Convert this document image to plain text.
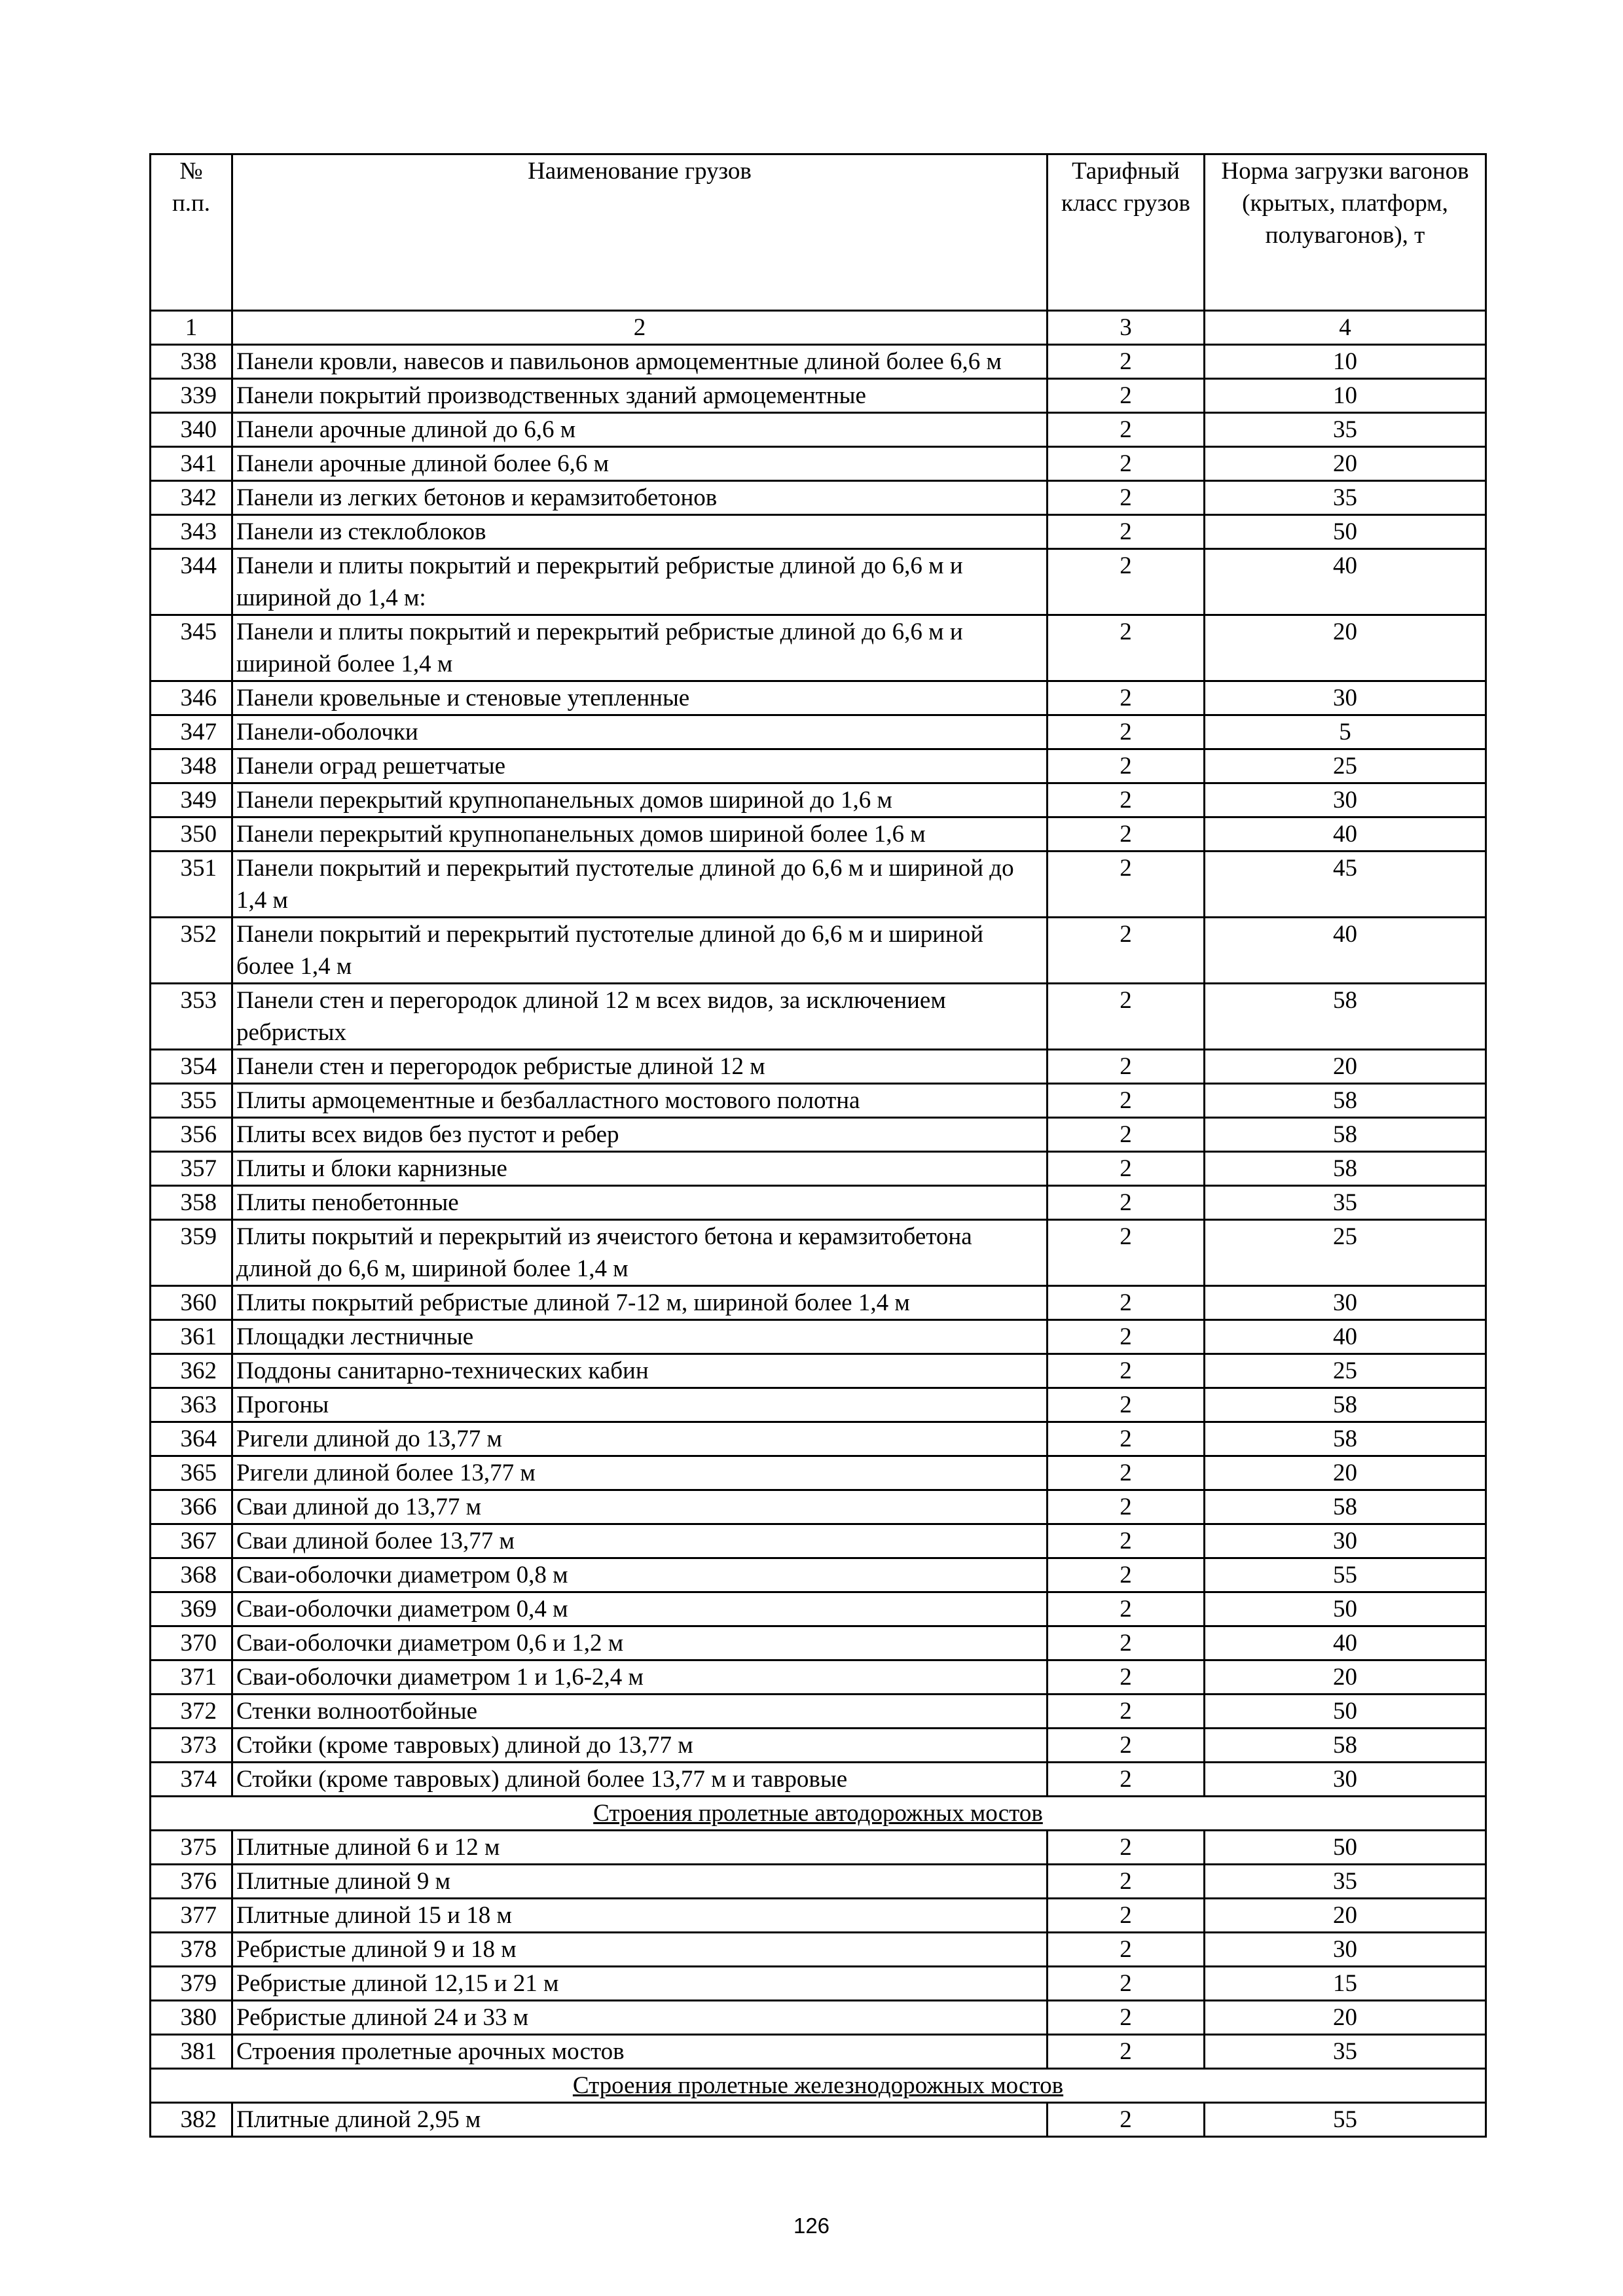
№
п.п.	Наименование грузов	Тарифный класс грузов	Норма загрузки вагонов (крытых, платформ, полувагонов), т
1	2	3	4
338	Панели кровли, навесов и павильонов армоцементные длиной более 6,6 м	2	10
339	Панели покрытий производственных зданий армоцементные	2	10
340	Панели арочные длиной до 6,6 м	2	35
341	Панели арочные длиной более 6,6 м	2	20
342	Панели из легких бетонов и керамзитобетонов	2	35
343	Панели из стеклоблоков	2	50
344	Панели и плиты покрытий и перекрытий ребристые длиной до 6,6 м и шириной до 1,4 м:	2	40
345	Панели и плиты покрытий и перекрытий ребристые длиной до 6,6 м и шириной более 1,4 м	2	20
346	Панели кровельные и стеновые утепленные	2	30
347	Панели-оболочки	2	5
348	Панели оград решетчатые	2	25
349	Панели перекрытий крупнопанельных домов шириной до 1,6 м	2	30
350	Панели перекрытий крупнопанельных домов шириной более 1,6 м	2	40
351	Панели покрытий и перекрытий пустотелые длиной до 6,6 м и шириной до 1,4 м	2	45
352	Панели покрытий и перекрытий пустотелые длиной до 6,6 м и шириной более 1,4 м	2	40
353	Панели стен и перегородок длиной 12 м всех видов, за исключением ребристых	2	58
354	Панели стен и перегородок ребристые длиной 12 м	2	20
355	Плиты армоцементные и безбалластного мостового полотна	2	58
356	Плиты всех видов без пустот и ребер	2	58
357	Плиты и блоки карнизные	2	58
358	Плиты пенобетонные	2	35
359	Плиты покрытий и перекрытий из ячеистого бетона и керамзитобетона длиной до 6,6 м, шириной более 1,4 м	2	25
360	Плиты покрытий ребристые длиной 7-12 м, шириной более 1,4 м	2	30
361	Площадки лестничные	2	40
362	Поддоны санитарно-технических кабин	2	25
363	Прогоны	2	58
364	Ригели длиной до 13,77 м	2	58
365	Ригели длиной более 13,77 м	2	20
366	Сваи длиной до 13,77 м	2	58
367	Сваи длиной более 13,77 м	2	30
368	Сваи-оболочки диаметром 0,8 м	2	55
369	Сваи-оболочки диаметром 0,4 м	2	50
370	Сваи-оболочки диаметром 0,6 и 1,2 м	2	40
371	Сваи-оболочки диаметром 1 и 1,6-2,4 м	2	20
372	Стенки волноотбойные	2	50
373	Стойки (кроме тавровых) длиной до 13,77 м	2	58
374	Стойки (кроме тавровых) длиной более 13,77 м и тавровые	2	30
Строения пролетные автодорожных мостов			
375	Плитные длиной 6 и 12 м	2	50
376	Плитные длиной 9 м	2	35
377	Плитные длиной 15 и 18 м	2	20
378	Ребристые длиной 9 и 18 м	2	30
379	Ребристые длиной 12,15 и 21 м	2	15
380	Ребристые длиной 24 и 33 м	2	20
381	Строения пролетные арочных мостов	2	35
Строения пролетные железнодорожных мостов			
382	Плитные длиной 2,95 м	2	55
126
